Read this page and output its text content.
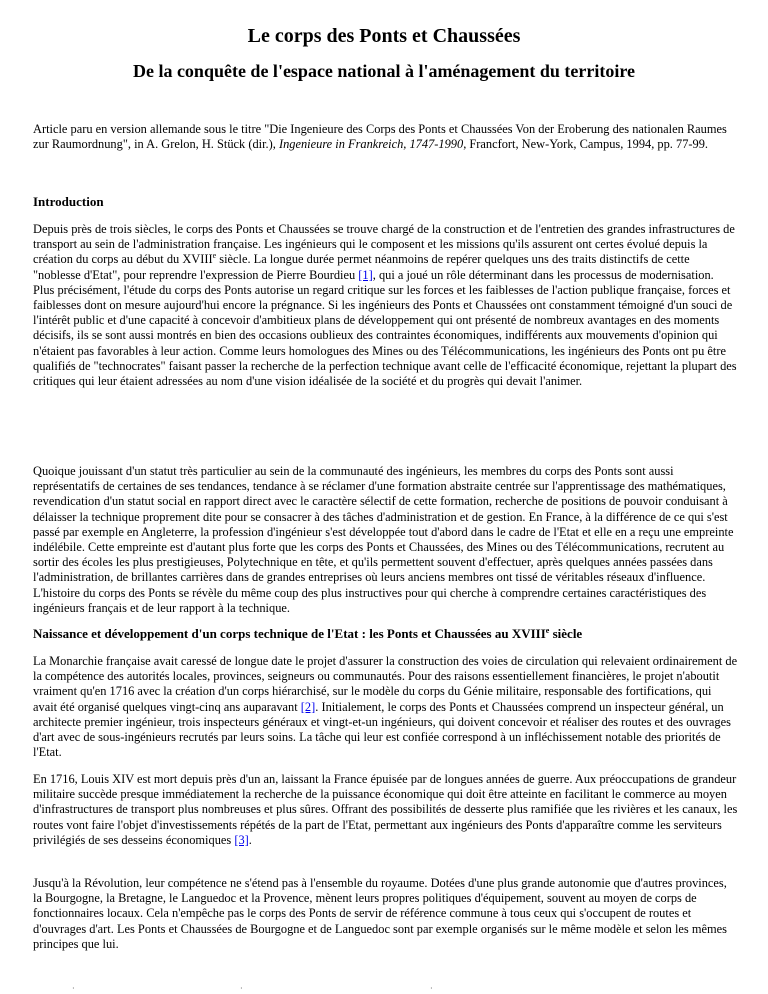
Le corps des Ponts et Chaussées
De la conquête de l'espace national à l'aménagement du territoire
Article paru en version allemande sous le titre "Die Ingenieure des Corps des Ponts et Chaussées Von der Eroberung des nationalen Raumes zur Raumordnung", in A. Grelon, H. Stück (dir.), Ingenieure in Frankreich, 1747-1990, Francfort, New-York, Campus, 1994, pp. 77-99.
Introduction
Depuis près de trois siècles, le corps des Ponts et Chaussées se trouve chargé de la construction et de l'entretien des grandes infrastructures de transport au sein de l'administration française. Les ingénieurs qui le composent et les missions qu'ils assurent ont certes évolué depuis la création du corps au début du XVIIIe siècle. La longue durée permet néanmoins de repérer quelques uns des traits distinctifs de cette "noblesse d'Etat", pour reprendre l'expression de Pierre Bourdieu [1], qui a joué un rôle déterminant dans les processus de modernisation. Plus précisément, l'étude du corps des Ponts autorise un regard critique sur les forces et les faiblesses de l'action publique française, forces et faiblesses dont on mesure aujourd'hui encore la prégnance. Si les ingénieurs des Ponts et Chaussées ont constamment témoigné d'un souci de l'intérêt public et d'une capacité à concevoir d'ambitieux plans de développement qui ont présenté de nombreux avantages en des moments décisifs, ils se sont aussi montrés en bien des occasions oublieux des contraintes économiques, indifférents aux mouvements d'opinion qui n'étaient pas favorables à leur action. Comme leurs homologues des Mines ou des Télécommunications, les ingénieurs des Ponts ont pu être qualifiés de "technocrates" faisant passer la recherche de la perfection technique avant celle de l'efficacité économique, rejettant la plupart des critiques qui leur étaient adressées au nom d'une vision idéalisée de la société et du progrès qui devait l'animer.
Quoique jouissant d'un statut très particulier au sein de la communauté des ingénieurs, les membres du corps des Ponts sont aussi représentatifs de certaines de ses tendances, tendance à se réclamer d'une formation abstraite centrée sur l'apprentissage des mathématiques, revendication d'un statut social en rapport direct avec le caractère sélectif de cette formation, recherche de positions de pouvoir conduisant à délaisser la technique proprement dite pour se consacrer à des tâches d'administration et de gestion. En France, à la différence de ce qui s'est passé par exemple en Angleterre, la profession d'ingénieur s'est développée tout d'abord dans le cadre de l'Etat et elle en a reçu une empreinte indélébile. Cette empreinte est d'autant plus forte que les corps des Ponts et Chaussées, des Mines ou des Télécommunications, recrutent au sortir des écoles les plus prestigieuses, Polytechnique en tête, et qu'ils permettent souvent d'effectuer, après quelques années passées dans l'administration, de brillantes carrières dans de grandes entreprises où leurs anciens membres ont tissé de véritables réseaux d'influence. L'histoire du corps des Ponts se révèle du même coup des plus instructives pour qui cherche à comprendre certaines caractéristiques des ingénieurs français et de leur rapport à la technique.
Naissance et développement d'un corps technique de l'Etat : les Ponts et Chaussées au XVIIIe siècle
La Monarchie française avait caressé de longue date le projet d'assurer la construction des voies de circulation qui relevaient ordinairement de la compétence des autorités locales, provinces, seigneurs ou communautés. Pour des raisons essentiellement financières, le projet n'aboutit vraiment qu'en 1716 avec la création d'un corps hiérarchisé, sur le modèle du corps du Génie militaire, responsable des fortifications, qui avait été organisé quelques vingt-cinq ans auparavant [2]. Initialement, le corps des Ponts et Chaussées comprend un inspecteur général, un architecte premier ingénieur, trois inspecteurs généraux et vingt-et-un ingénieurs, qui doivent concevoir et réaliser des routes et des ouvrages d'art avec de sous-ingénieurs recrutés par leurs soins. La tâche qui leur est confiée correspond à un infléchissement notable des priorités de l'Etat.
En 1716, Louis XIV est mort depuis près d'un an, laissant la France épuisée par de longues années de guerre. Aux préoccupations de grandeur militaire succède presque immédiatement la recherche de la puissance économique qui doit être atteinte en facilitant le commerce au moyen d'infrastructures de transport plus nombreuses et plus sûres. Offrant des possibilités de desserte plus ramifiée que les rivières et les canaux, les routes vont faire l'objet d'investissements répétés de la part de l'Etat, permettant aux ingénieurs des Ponts d'apparaître comme les serviteurs privilégiés de ses desseins économiques [3].
Jusqu'à la Révolution, leur compétence ne s'étend pas à l'ensemble du royaume. Dotées d'une plus grande autonomie que d'autres provinces, la Bourgogne, la Bretagne, le Languedoc et la Provence, mènent leurs propres politiques d'équipement, souvent au moyen de corps de fonctionnaires locaux. Cela n'empêche pas le corps des Ponts de servir de référence commune à tous ceux qui s'occupent de routes et d'ouvrages d'art. Les Ponts et Chaussées de Bourgogne et de Languedoc sont par exemple organisés sur le même modèle et selon les mêmes principes que lui.
·	·	·
